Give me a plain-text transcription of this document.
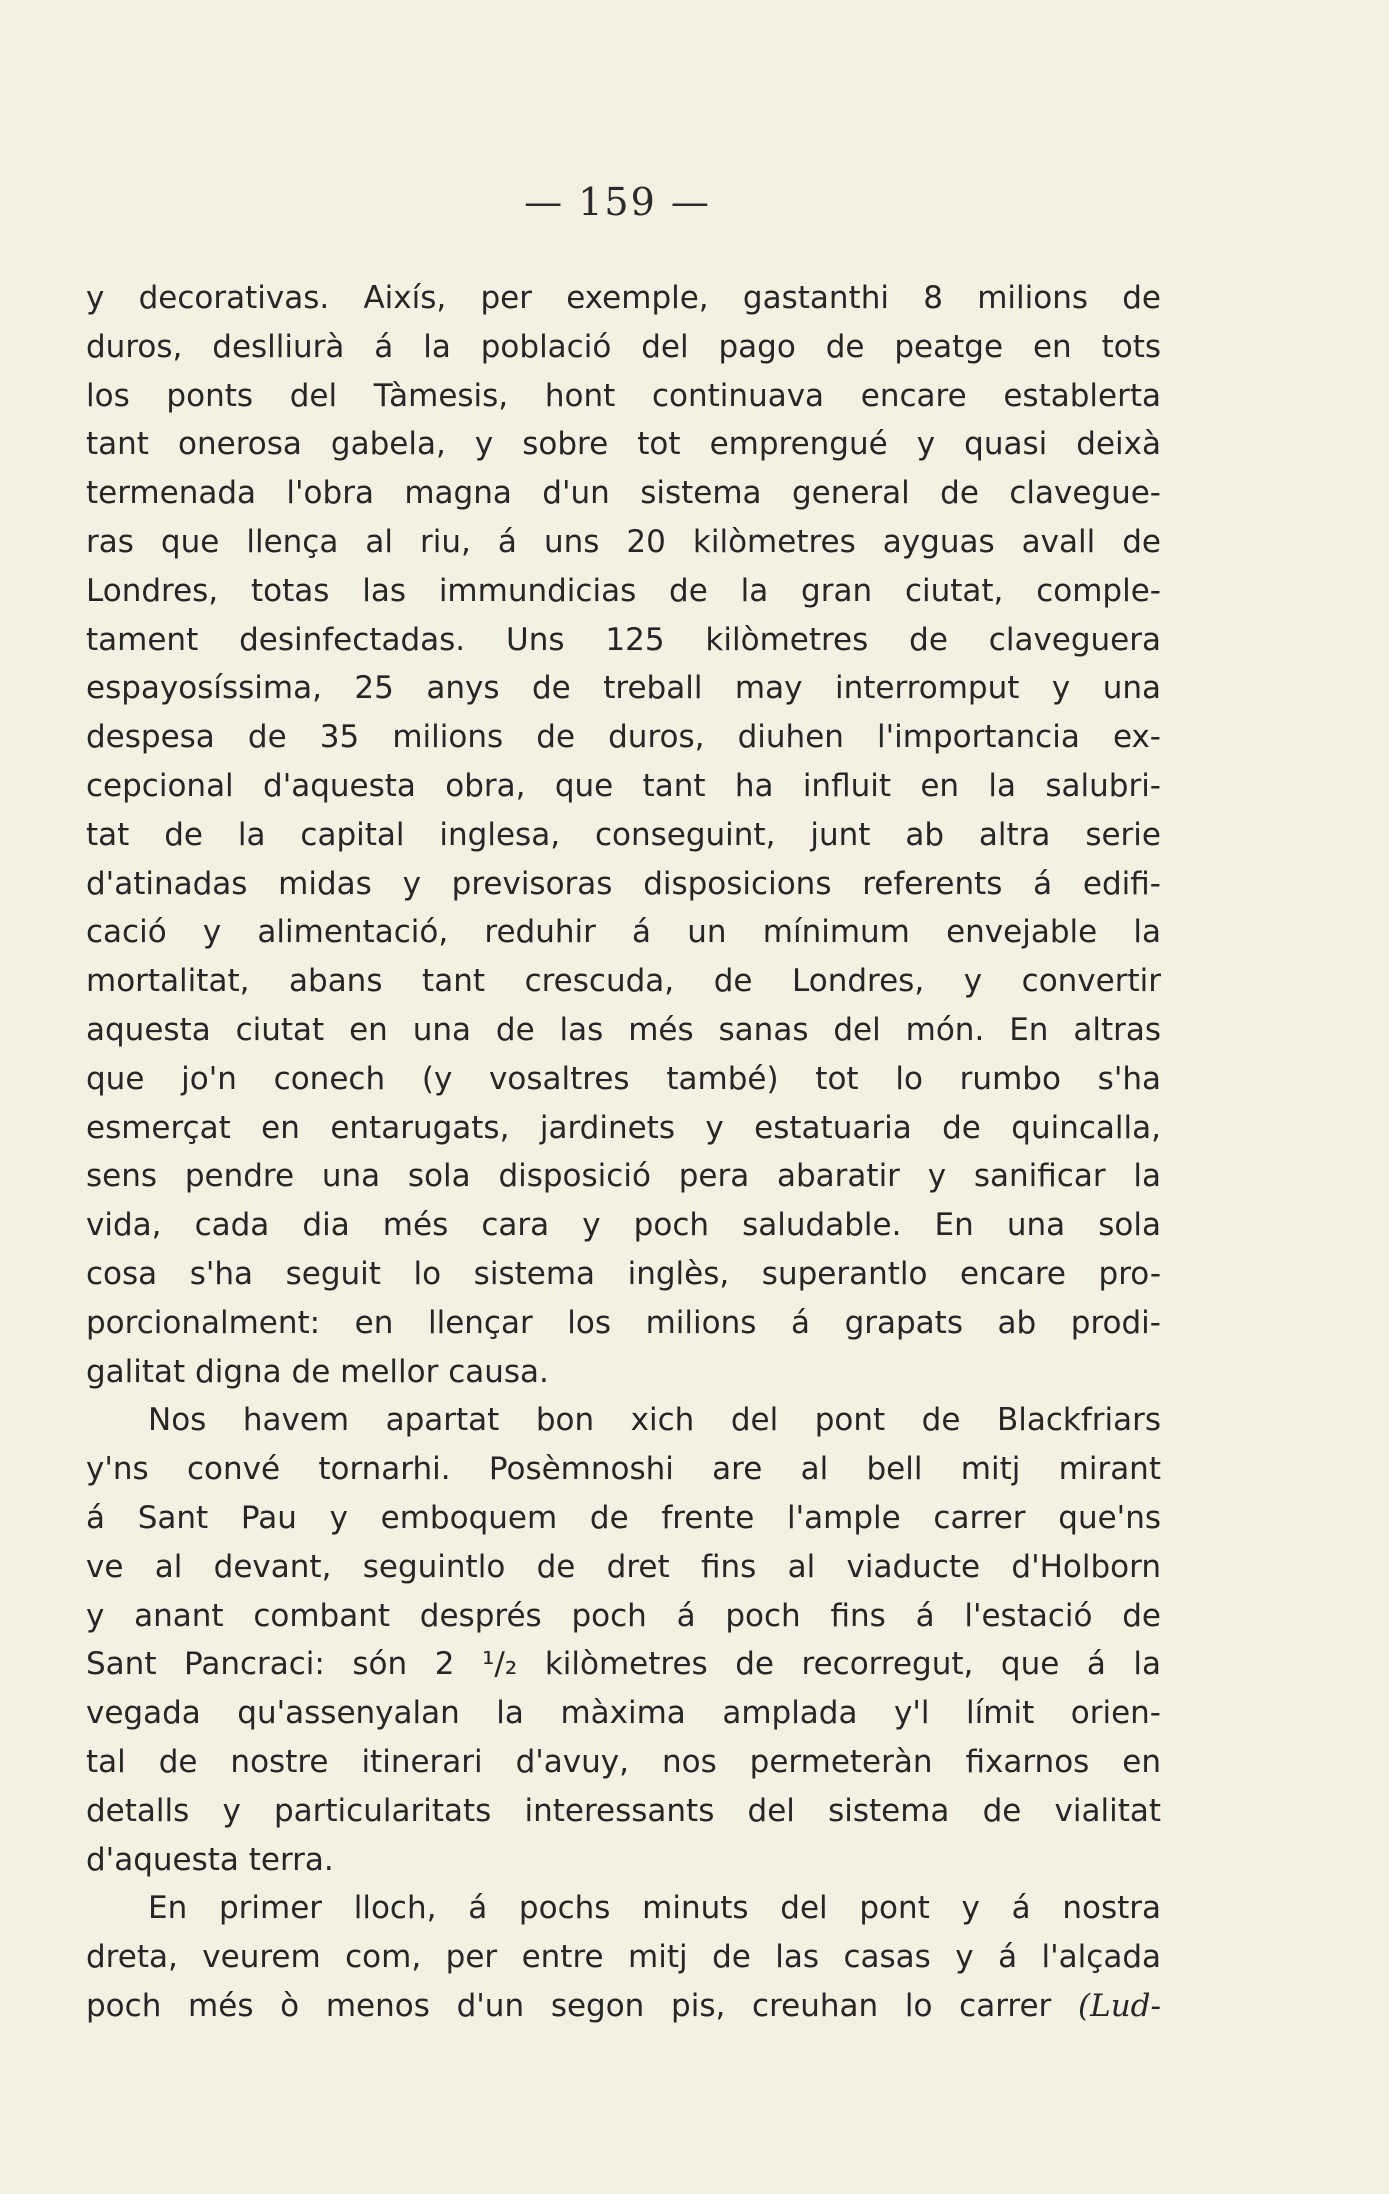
— 159 —
y decorativas. Aixís, per exemple, gastanthi 8 milions de
duros, deslliurà á la població del pago de peatge en tots
los ponts del Tàmesis, hont continuava encare establerta
tant onerosa gabela, y sobre tot emprengué y quasi deixà
termenada l'obra magna d'un sistema general de clavegue-
ras que llença al riu, á uns 20 kilòmetres ayguas avall de
Londres, totas las immundicias de la gran ciutat, comple-
tament desinfectadas. Uns 125 kilòmetres de claveguera
espayosíssima, 25 anys de treball may interromput y una
despesa de 35 milions de duros, diuhen l'importancia ex-
cepcional d'aquesta obra, que tant ha influit en la salubri-
tat de la capital inglesa, conseguint, junt ab altra serie
d'atinadas midas y previsoras disposicions referents á edifi-
cació y alimentació, reduhir á un mínimum envejable la
mortalitat, abans tant crescuda, de Londres, y convertir
aquesta ciutat en una de las més sanas del món. En altras
que jo'n conech (y vosaltres també) tot lo rumbo s'ha
esmerçat en entarugats, jardinets y estatuaria de quincalla,
sens pendre una sola disposició pera abaratir y sanificar la
vida, cada dia més cara y poch saludable. En una sola
cosa s'ha seguit lo sistema inglès, superantlo encare pro-
porcionalment: en llençar los milions á grapats ab prodi-
galitat digna de mellor causa.
Nos havem apartat bon xich del pont de Blackfriars
y'ns convé tornarhi. Posèmnoshi are al bell mitj mirant
á Sant Pau y emboquem de frente l'ample carrer que'ns
ve al devant, seguintlo de dret fins al viaducte d'Holborn
y anant combant després poch á poch fins á l'estació de
Sant Pancraci: són 2 ¹/₂ kilòmetres de recorregut, que á la
vegada qu'assenyalan la màxima amplada y'l límit orien-
tal de nostre itinerari d'avuy, nos permeteràn fixarnos en
detalls y particularitats interessants del sistema de vialitat
d'aquesta terra.
En primer lloch, á pochs minuts del pont y á nostra
dreta, veurem com, per entre mitj de las casas y á l'alçada
poch més ò menos d'un segon pis, creuhan lo carrer (Lud-
